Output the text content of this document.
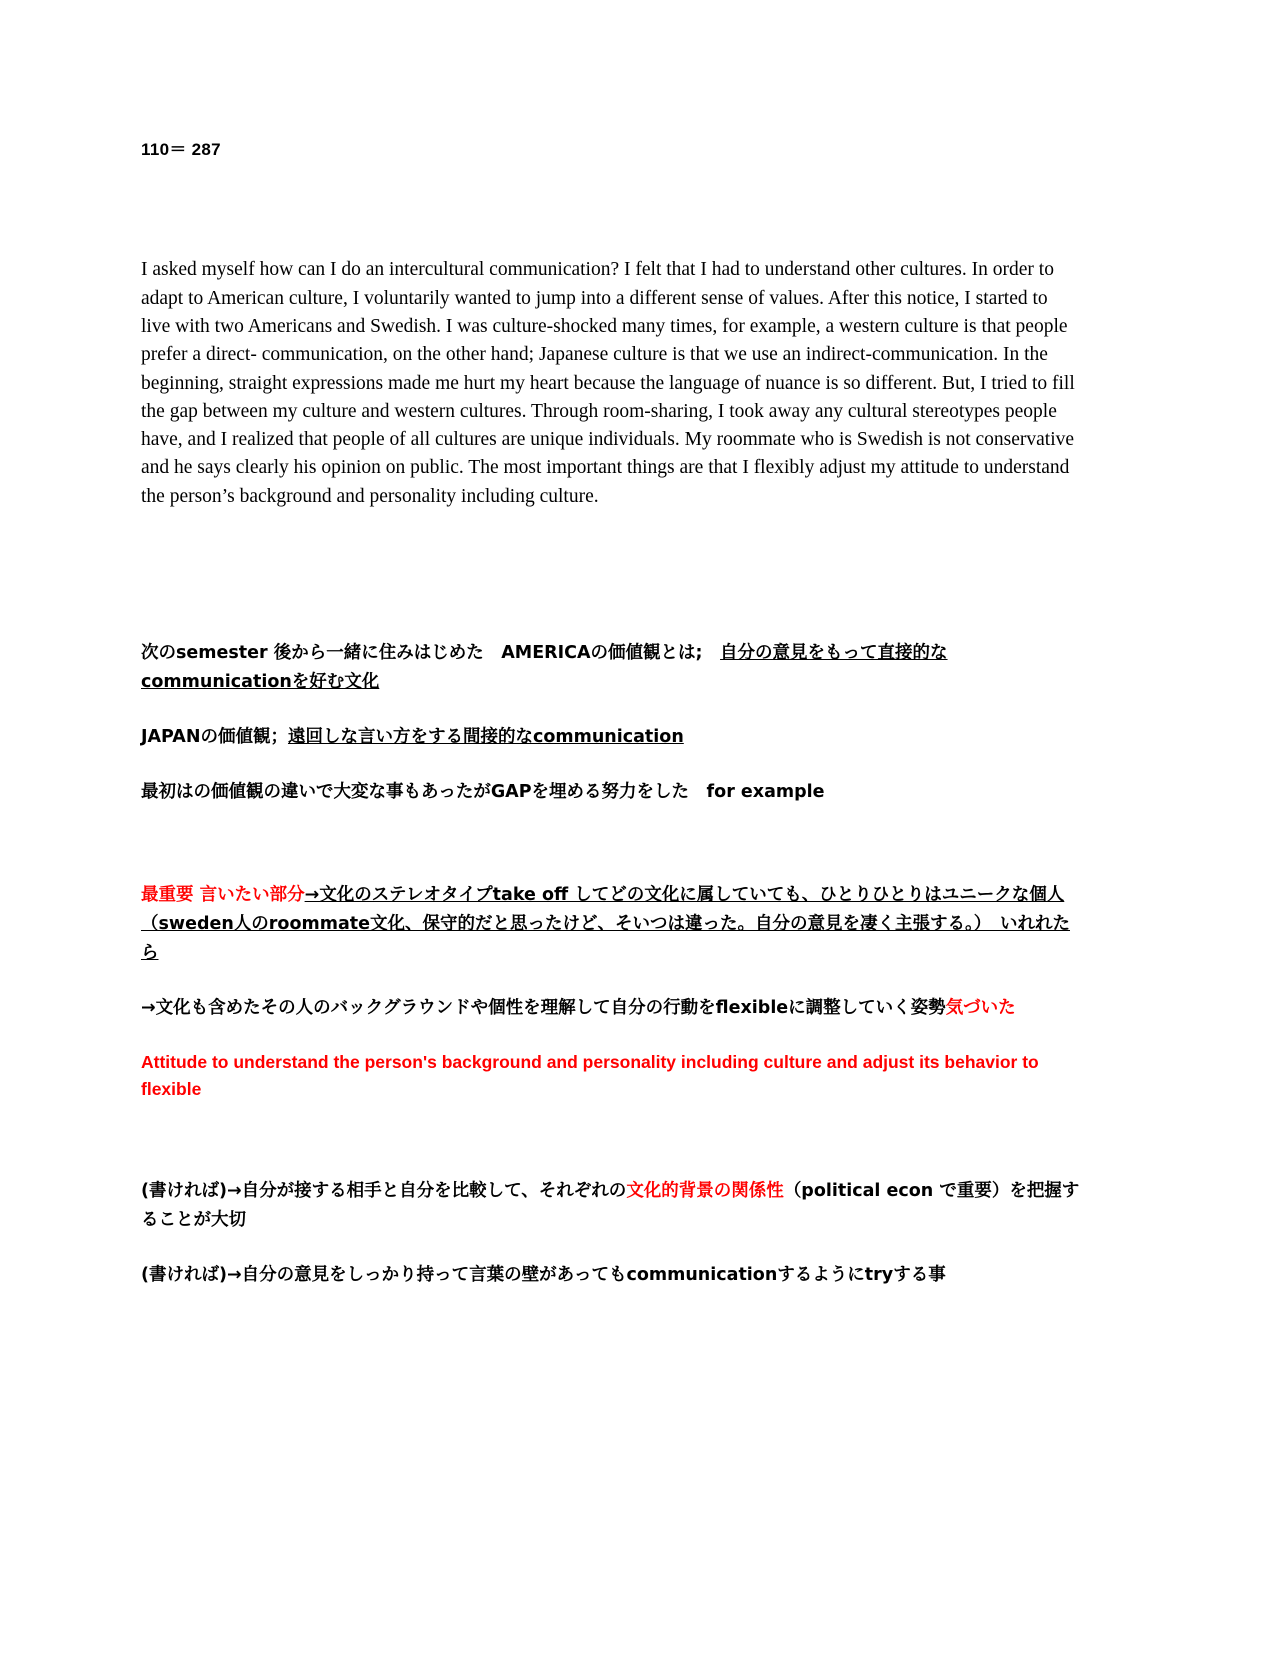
110＝ 287

I asked myself how can I do an intercultural communication? I felt that I had to understand other cultures. In order to adapt to American culture, I voluntarily wanted to jump into a different sense of values. After this notice, I started to live with two Americans and Swedish. I was culture-shocked many times, for example, a western culture is that people prefer a direct- communication, on the other hand; Japanese culture is that we use an indirect-communication. In the beginning, straight expressions made me hurt my heart because the language of nuance is so different. But, I tried to fill the gap between my culture and western cultures. Through room-sharing, I took away any cultural stereotypes people have, and I realized that people of all cultures are unique individuals. My roommate who is Swedish is not conservative and he says clearly his opinion on public. The most important things are that I flexibly adjust my attitude to understand the person’s background and personality including culture.

次のsemester 後から一緒に住みはじめた　AMERICAの価値観とは;　自分の意見をもって直接的なcommunicationを好む文化

JAPANの価値観；遠回しな言い方をする間接的なcommunication

最初はの価値観の違いで大変な事もあったがGAPを埋める努力をした　for example

最重要 言いたい部分→文化のステレオタイプtake off してどの文化に属していても、ひとりひとりはユニークな個人（sweden人のroommate文化、保守的だと思ったけど、そいつは違った。自分の意見を凄く主張する。）　いれれたら

→文化も含めたその人のバックグラウンドや個性を理解して自分の行動をflexibleに調整していく姿勢気づいた

Attitude to understand the person's background and personality including culture and adjust its behavior to flexible

(書ければ)→自分が接する相手と自分を比較して、それぞれの文化的背景の関係性（political econ で重要）を把握することが大切

(書ければ)→自分の意見をしっかり持って言葉の壁があってもcommunicationするようにtryする事
